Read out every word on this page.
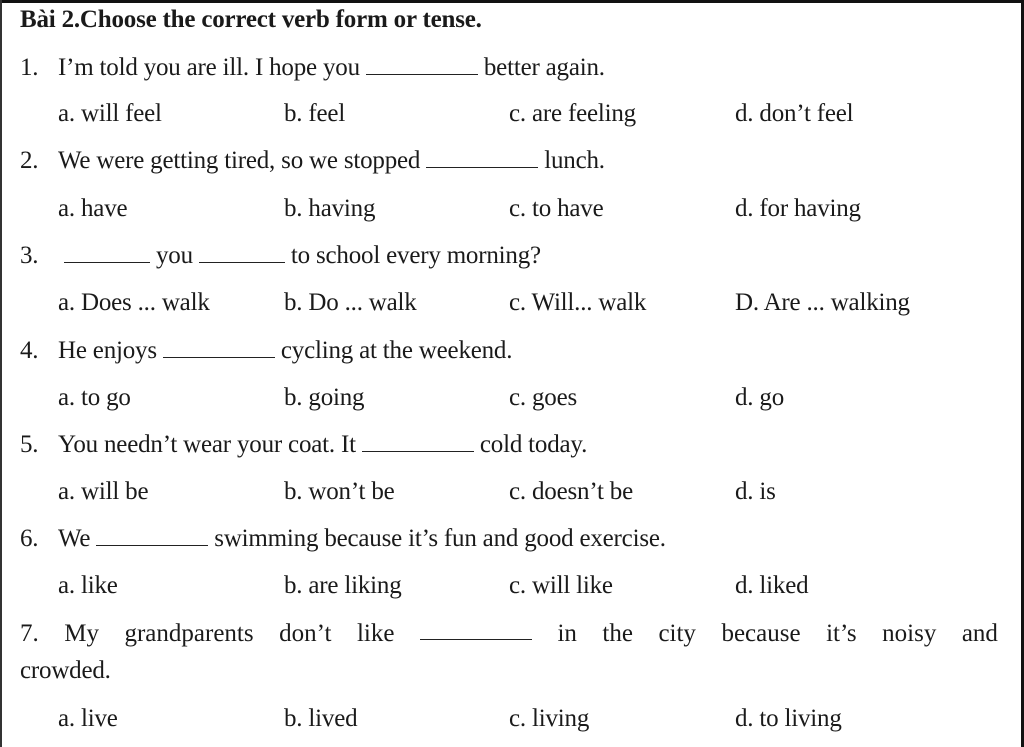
Bài 2.Choose the correct verb form or tense.
1. I’m told you are ill. I hope you	better again.
a. will feel	b. feel	c. are feeling	d. don’t feel
2. We were getting tired, so we stopped	lunch.
a. have	b. having	c. to have	d. for having
3.	you	to school every morning?
a. Does ... walk	b. Do ... walk	c. Will... walk	D. Are ... walking
4. He enjoys	cycling at the weekend.
a. to go	b. going	c. goes	d. go
5. You needn’t wear your coat. It	cold today.
a. will be	b. won’t be	c. doesn’t be	d. is
6. We	swimming because it’s fun and good exercise.
a. like	b. are liking	c. will like	d. liked
7. My grandparents don’t like	in the city because it’s noisy and
crowded.
a. live	b. lived	c. living	d. to living
